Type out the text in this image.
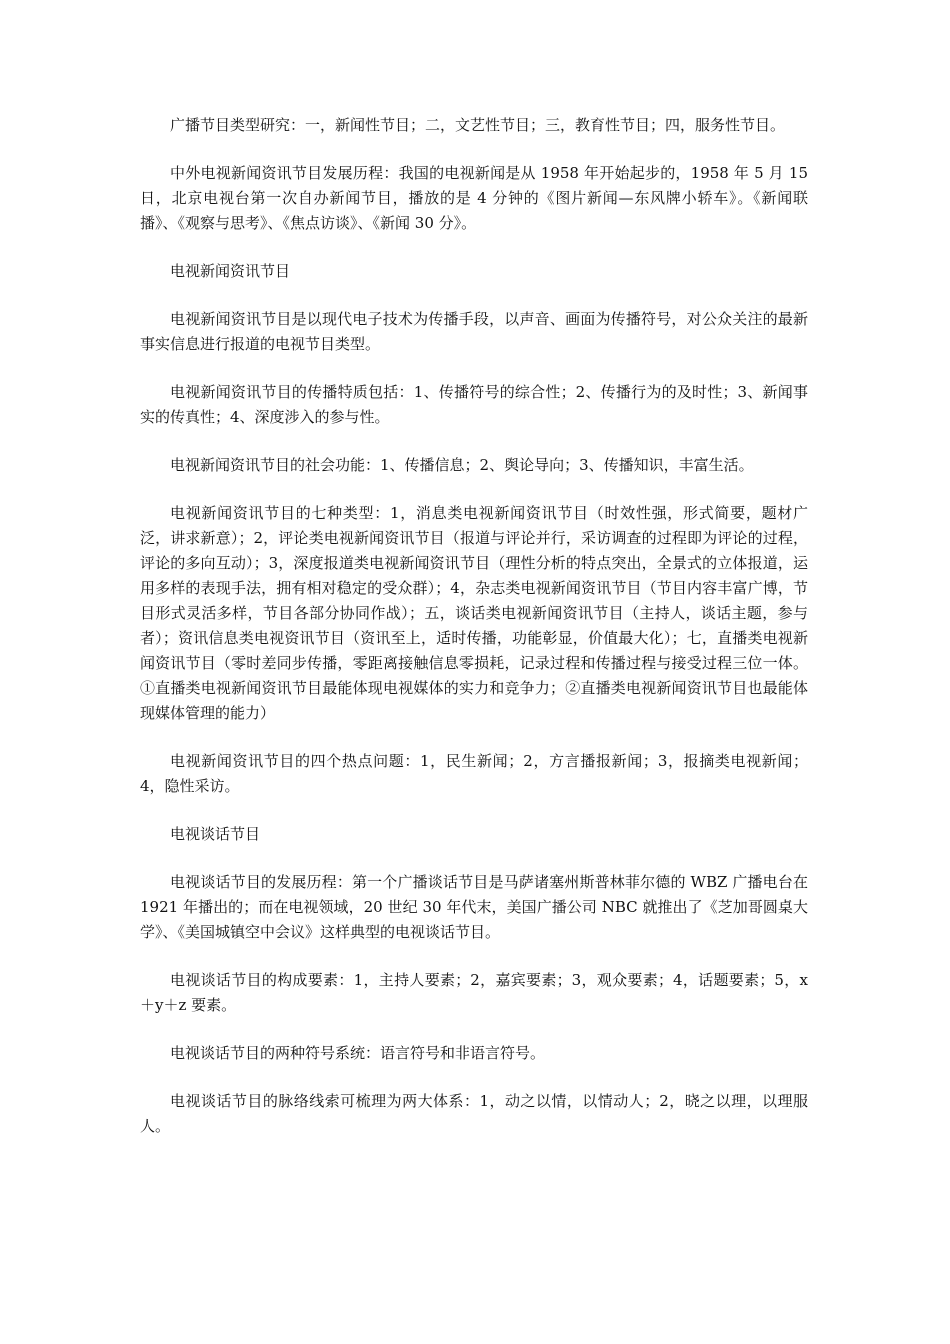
广播节目类型研究：一，新闻性节目；二，文艺性节目；三，教育性节目；四，服务性节目。

中外电视新闻资讯节目发展历程：我国的电视新闻是从 1958 年开始起步的，1958 年 5 月 15 日，北京电视台第一次自办新闻节目，播放的是 4 分钟的《图片新闻—东风牌小轿车》。《新闻联播》、《观察与思考》、《焦点访谈》、《新闻 30 分》。

电视新闻资讯节目

电视新闻资讯节目是以现代电子技术为传播手段，以声音、画面为传播符号，对公众关注的最新事实信息进行报道的电视节目类型。

电视新闻资讯节目的传播特质包括：1、传播符号的综合性；2、传播行为的及时性；3、新闻事实的传真性；4、深度涉入的参与性。

电视新闻资讯节目的社会功能：1、传播信息；2、舆论导向；3、传播知识，丰富生活。

电视新闻资讯节目的七种类型：1，消息类电视新闻资讯节目（时效性强，形式简要，题材广泛，讲求新意）；2，评论类电视新闻资讯节目（报道与评论并行，采访调查的过程即为评论的过程，评论的多向互动）；3，深度报道类电视新闻资讯节目（理性分析的特点突出，全景式的立体报道，运用多样的表现手法，拥有相对稳定的受众群）；4，杂志类电视新闻资讯节目（节目内容丰富广博，节目形式灵活多样，节目各部分协同作战）；五，谈话类电视新闻资讯节目（主持人，谈话主题，参与者）；资讯信息类电视资讯节目（资讯至上，适时传播，功能彰显，价值最大化）；七，直播类电视新闻资讯节目（零时差同步传播，零距离接触信息零损耗，记录过程和传播过程与接受过程三位一体。①直播类电视新闻资讯节目最能体现电视媒体的实力和竞争力；②直播类电视新闻资讯节目也最能体现媒体管理的能力）

电视新闻资讯节目的四个热点问题：1，民生新闻；2，方言播报新闻；3，报摘类电视新闻；4，隐性采访。

电视谈话节目

电视谈话节目的发展历程：第一个广播谈话节目是马萨诸塞州斯普林菲尔德的 WBZ 广播电台在 1921 年播出的；而在电视领域，20 世纪 30 年代末，美国广播公司 NBC 就推出了《芝加哥圆桌大学》、《美国城镇空中会议》这样典型的电视谈话节目。

电视谈话节目的构成要素：1，主持人要素；2，嘉宾要素；3，观众要素；4，话题要素；5，x＋y＋z 要素。

电视谈话节目的两种符号系统：语言符号和非语言符号。

电视谈话节目的脉络线索可梳理为两大体系：1，动之以情，以情动人；2，晓之以理，以理服人。
